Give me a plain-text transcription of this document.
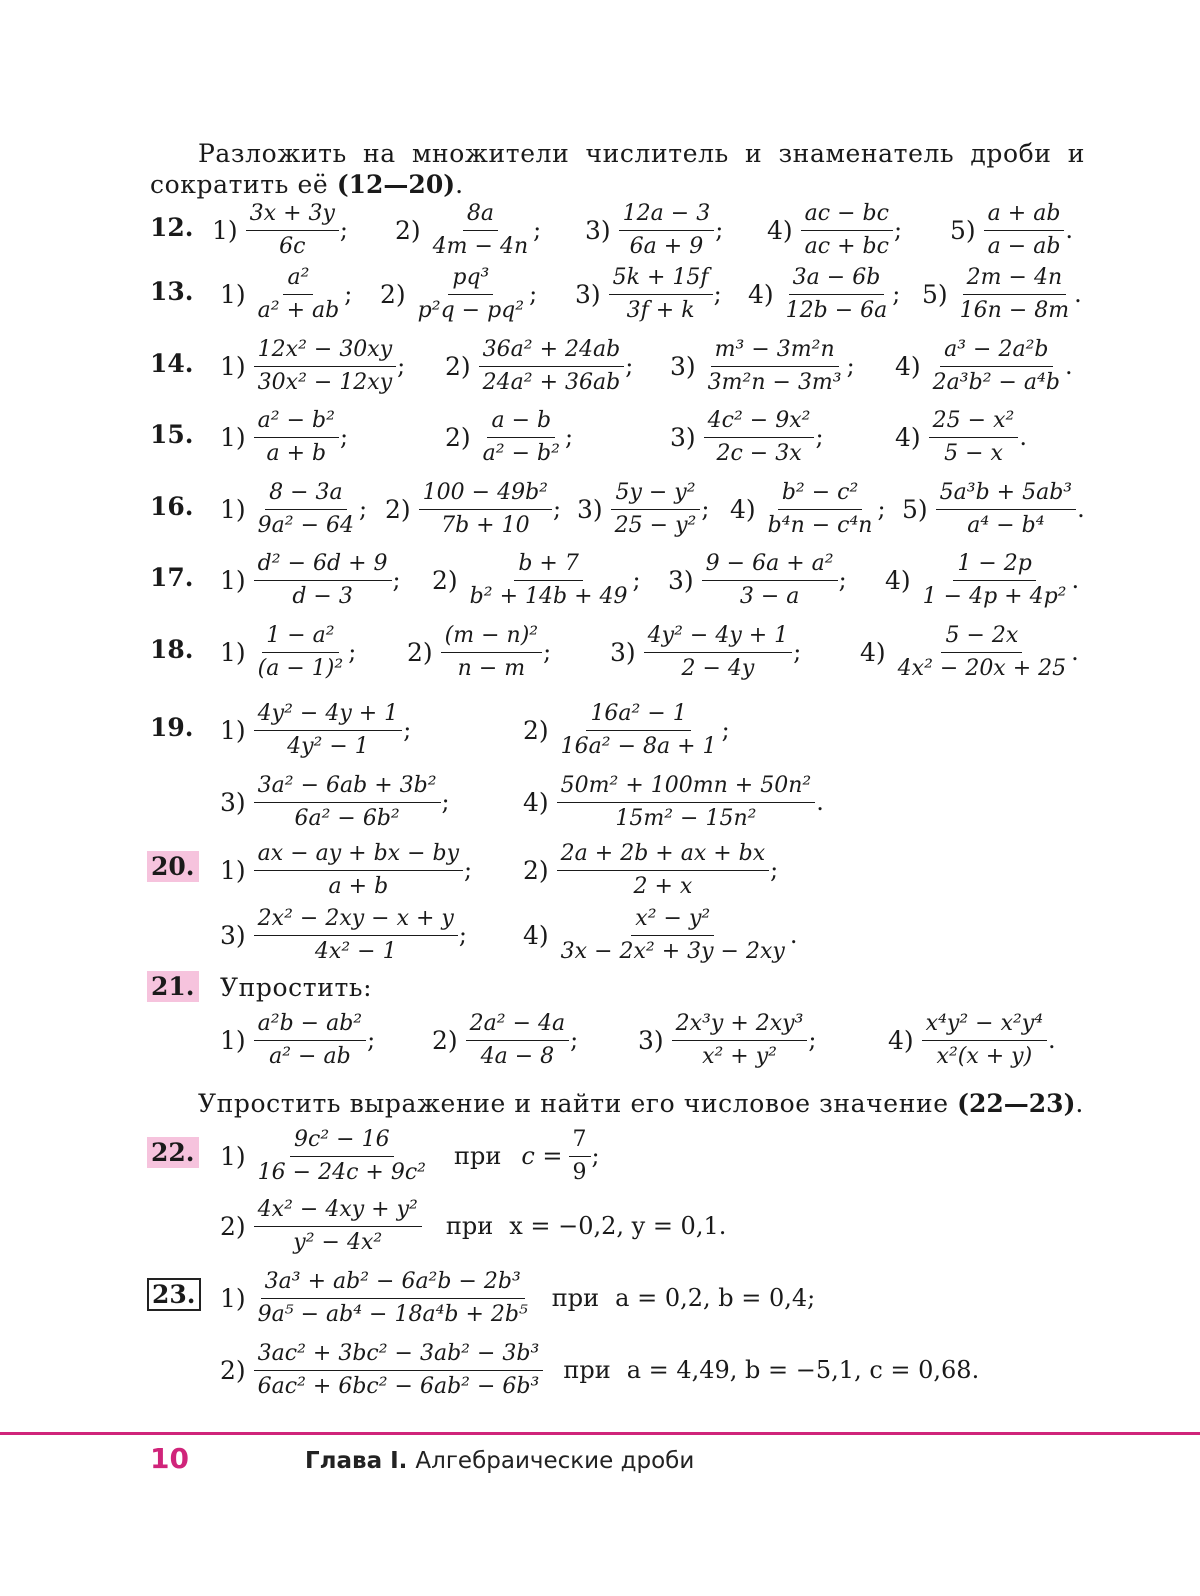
Разложить на множители числитель и знаменатель дроби и сократить её (12—20).
12. $1) \frac{3x + 3y}{6c}$ ; $2) \frac{8a}{4m - 4n}$ ; $3) \frac{12a - 3}{6a + 9}$ ; $4) \frac{ac - bc}{ac + bc}$ ; $5) \frac{a + ab}{a - ab}$ .
13. $1) \frac{\text{a²}}{\text{a² + ab}}$ ; $2) \frac{\text{pq³}}{\text{p²q − pq²}}$ ; $3) \frac{5k + 15f}{3f + k}$ ; $4) \frac{3a - 6b}{12b - 6a}$ ; $5) \frac{2m - 4n}{16n - 8m}$ .
14. $1) \frac{\text{12x² − 30xy}}{\text{30x² − 12xy}}$ ; $2) \frac{\text{36a² + 24ab}}{\text{24a² + 36ab}}$ ; $3) \frac{\text{m³ − 3m²n}}{\text{3m²n − 3m³}}$ ; $4) \frac{\text{a³ − 2a²b}}{\text{2a³b² − a⁴b}}$ .
15. $1) \frac{\text{a² − b²}}{a + b}$ ;	$2) \frac{a - b}{\text{a² − b²}}$ ;	$3) \frac{\text{4c² − 9x²}}{2c - 3x}$ ;	$4) \frac{\text{25 − x²}}{5 - x}$ .
16. $1) \frac{8 - 3a}{\text{9a² − 64}}$ ; $2) \frac{\text{100 − 49b²}}{7b + 10}$ ; $3) \frac{\text{5y − y²}}{\text{25 − y²}}$ ; $4) \frac{\text{b² − c²}}{\text{b⁴n − c⁴n}}$ ; $5) \frac{\text{5a³b + 5ab³}}{\text{a⁴ − b⁴}}$ .
17. $1) \frac{\text{d² − 6d + 9}}{d - 3}$ ; $2) \frac{b + 7}{\text{b² + 14b + 49}}$ ; $3) \frac{\text{9 − 6a + a²}}{3 - a}$ ; $4) \frac{1 - 2p}{\text{1 − 4p + 4p²}}$ .
18. $1) \frac{\text{1 − a²}}{\text{(a − 1)²}}$ ; $2) \frac{\text{(m − n)²}}{n - m}$ ; $3) \frac{\text{4y² − 4y + 1}}{2 - 4y}$ ; $4) \frac{5 - 2x}{\text{4x² − 20x + 25}}$ .
19. $1) \frac{\text{4y² − 4y + 1}}{\text{4y² − 1}}$ ;	$2) \frac{\text{16a² − 1}}{\text{16a² − 8a + 1}}$ ;
$3) \frac{\text{3a² − 6ab + 3b²}}{\text{6a² − 6b²}}$ ;	$4) \frac{\text{50m² + 100mn + 50n²}}{\text{15m² − 15n²}}$ .
20. $1) \frac{ax - ay + bx - by}{a + b}$ ; $2) \frac{2a + 2b + ax + bx}{2 + x}$ ;
$3) \frac{\text{2x² − 2xy − x + y}}{\text{4x² − 1}}$ ; $4) \frac{\text{x² − y²}}{\text{3x − 2x² + 3y − 2xy}}$ .
21. Упростить:
$1) \frac{\text{a²b − ab²}}{\text{a² − ab}}$ ; $2) \frac{\text{2a² − 4a}}{4a - 8}$ ; $3) \frac{\text{2x³y + 2xy³}}{\text{x² + y²}}$ ;	$4) \frac{\text{x⁴y² − x²y⁴}}{\text{x²(x + y)}}$ .
Упростить выражение и найти его числовое значение (22—23).
22. $1) \frac{\text{9c² − 16}}{\text{16 − 24c + 9c²}}$ при $c = \frac{7}{9}$ ;
$2) \frac{\text{4x² − 4xy + y²}}{\text{y² − 4x²}}$ при x = −0,2, y = 0,1.
23. $1) \frac{\text{3a³ + ab² − 6a²b − 2b³}}{\text{9a⁵ − ab⁴ − 18a⁴b + 2b⁵}}$ при a = 0,2, b = 0,4;
$2) \frac{\text{3ac² + 3bc² − 3ab² − 3b³}}{\text{6ac² + 6bc² − 6ab² − 6b³}}$ при a = 4,49, b = −5,1, c = 0,68.
10	Глава I. Алгебраические дроби
